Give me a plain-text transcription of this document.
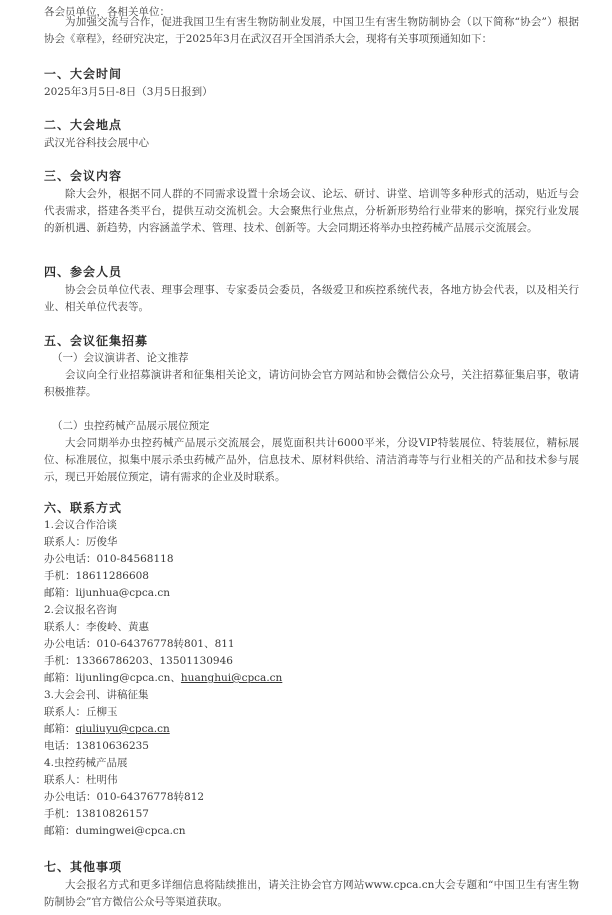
各会员单位，各相关单位：
为加强交流与合作，促进我国卫生有害生物防制业发展，中国卫生有害生物防制协会（以下简称“协会”）根据协会《章程》，经研究决定，于2025年3月在武汉召开全国消杀大会，现将有关事项预通知如下：
一、大会时间
2025年3月5日-8日（3月5日报到）
二、大会地点
武汉光谷科技会展中心
三、会议内容
除大会外，根据不同人群的不同需求设置十余场会议、论坛、研讨、讲堂、培训等多种形式的活动，贴近与会代表需求，搭建各类平台，提供互动交流机会。大会聚焦行业焦点，分析新形势给行业带来的影响，探究行业发展的新机遇、新趋势，内容涵盖学术、管理、技术、创新等。大会同期还将举办虫控药械产品展示交流展会。
四、参会人员
协会会员单位代表、理事会理事、专家委员会委员，各级爱卫和疾控系统代表，各地方协会代表，以及相关行业、相关单位代表等。
五、会议征集招募
（一）会议演讲者、论文推荐
会议向全行业招募演讲者和征集相关论文，请访问协会官方网站和协会微信公众号，关注招募征集启事，敬请积极推荐。
（二）虫控药械产品展示展位预定
大会同期举办虫控药械产品展示交流展会，展览面积共计6000平米，分设VIP特装展位、特装展位，精标展位、标准展位，拟集中展示杀虫药械产品外，信息技术、原材料供给、清洁消毒等与行业相关的产品和技术参与展示，现已开始展位预定，请有需求的企业及时联系。
六、联系方式
1.会议合作洽谈
联系人：厉俊华
办公电话：010-84568118
手机：18611286608
邮箱：lijunhua@cpca.cn
2.会议报名咨询
联系人：李俊岭、黄惠
办公电话：010-64376778转801、811
手机：13366786203、13501130946
邮箱：lijunling@cpca.cn、huanghui@cpca.cn
3.大会会刊、讲稿征集
联系人：丘柳玉
邮箱：qiuliuyu@cpca.cn
电话：13810636235
4.虫控药械产品展
联系人：杜明伟
办公电话：010-64376778转812
手机：13810826157
邮箱：dumingwei@cpca.cn
七、其他事项
大会报名方式和更多详细信息将陆续推出，请关注协会官方网站www.cpca.cn大会专题和“中国卫生有害生物防制协会”官方微信公众号等渠道获取。
